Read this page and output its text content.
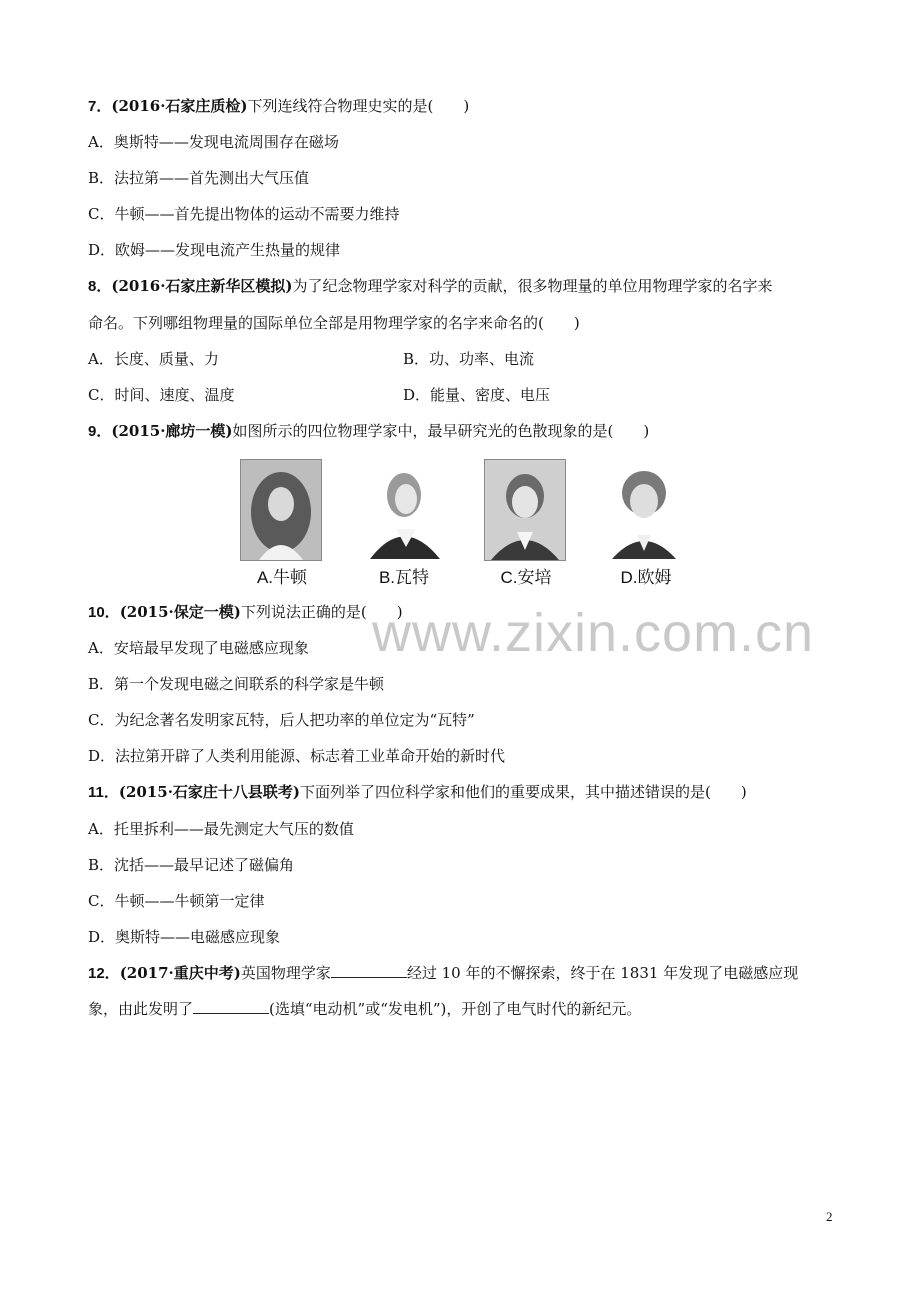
7．(2016·石家庄质检)下列连线符合物理史实的是(　　)
A．奥斯特——发现电流周围存在磁场
B．法拉第——首先测出大气压值
C．牛顿——首先提出物体的运动不需要力维持
D．欧姆——发现电流产生热量的规律
8．(2016·石家庄新华区模拟)为了纪念物理学家对科学的贡献，很多物理量的单位用物理学家的名字来
命名。下列哪组物理量的国际单位全部是用物理学家的名字来命名的(　　)
A．长度、质量、力	B．功、功率、电流
C．时间、速度、温度	D．能量、密度、电压
9．(2015·廊坊一模)如图所示的四位物理学家中，最早研究光的色散现象的是(　　)
A.牛顿	B.瓦特	C.安培	D.欧姆
www.zixin.com.cn
10．(2015·保定一模)下列说法正确的是(　　)
A．安培最早发现了电磁感应现象
B．第一个发现电磁之间联系的科学家是牛顿
C．为纪念著名发明家瓦特，后人把功率的单位定为“瓦特”
D．法拉第开辟了人类利用能源、标志着工业革命开始的新时代
11．(2015·石家庄十八县联考)下面列举了四位科学家和他们的重要成果，其中描述错误的是(　　)
A．托里拆利——最先测定大气压的数值
B．沈括——最早记述了磁偏角
C．牛顿——牛顿第一定律
D．奥斯特——电磁感应现象
12．(2017·重庆中考)英国物理学家	经过 10 年的不懈探索，终于在 1831 年发现了电磁感应现
象，由此发明了	(选填“电动机”或“发电机”)，开创了电气时代的新纪元。
2
